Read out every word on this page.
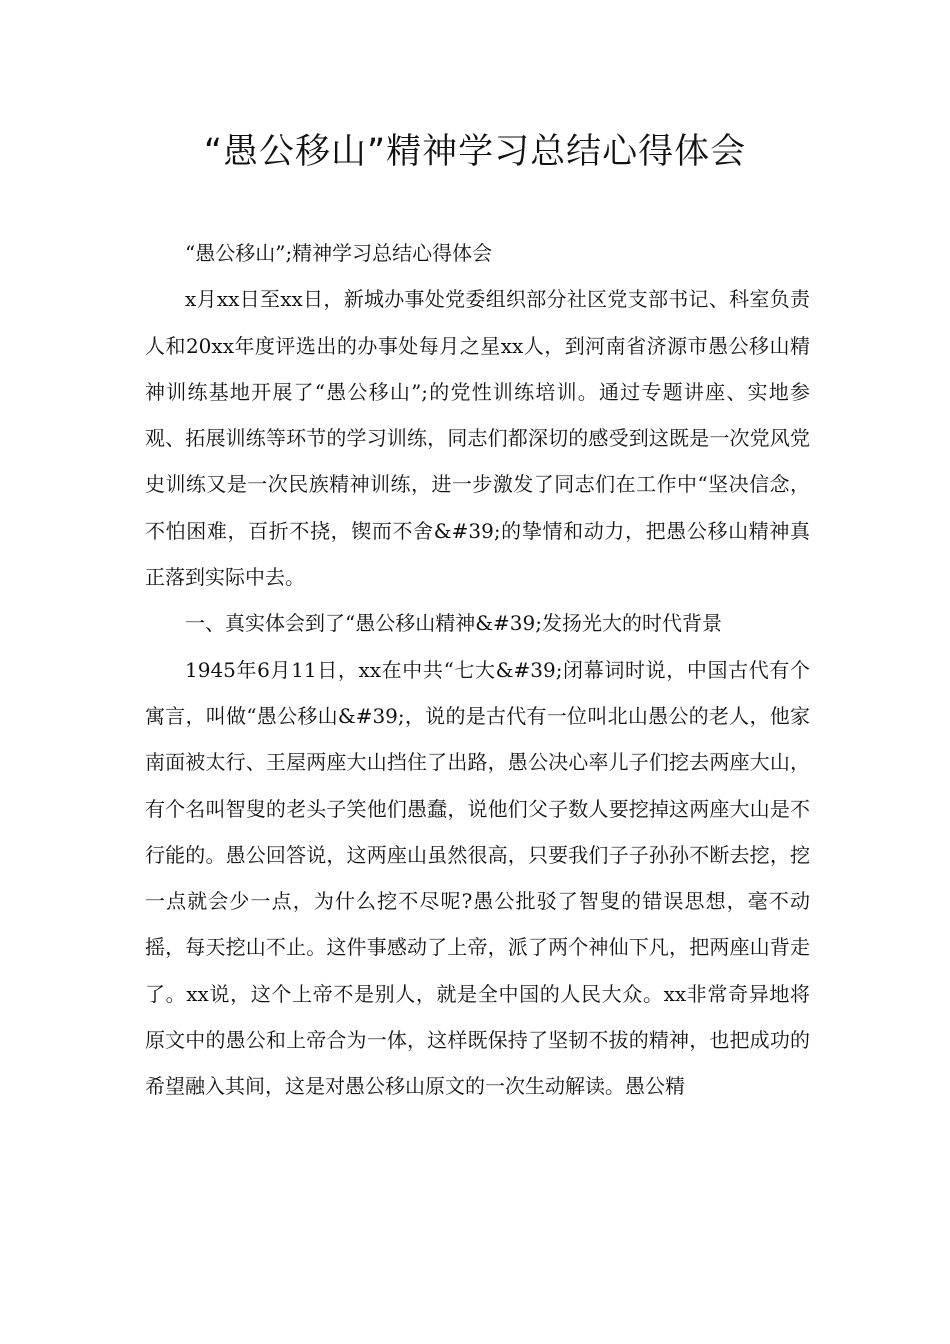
“愚公移山”精神学习总结心得体会

“愚公移山”;精神学习总结心得体会

x月xx日至xx日，新城办事处党委组织部分社区党支部书记、科室负责人和20xx年度评选出的办事处每月之星xx人，到河南省济源市愚公移山精神训练基地开展了“愚公移山”;的党性训练培训。通过专题讲座、实地参观、拓展训练等环节的学习训练，同志们都深切的感受到这既是一次党风党史训练又是一次民族精神训练，进一步激发了同志们在工作中“坚决信念，不怕困难，百折不挠，锲而不舍&#39;的挚情和动力，把愚公移山精神真正落到实际中去。

一、真实体会到了“愚公移山精神&#39;发扬光大的时代背景

1945年6月11日，xx在中共“七大&#39;闭幕词时说，中国古代有个寓言，叫做“愚公移山&#39;，说的是古代有一位叫北山愚公的老人，他家南面被太行、王屋两座大山挡住了出路，愚公决心率儿子们挖去两座大山，有个名叫智叟的老头子笑他们愚蠢，说他们父子数人要挖掉这两座大山是不行能的。愚公回答说，这两座山虽然很高，只要我们子子孙孙不断去挖，挖一点就会少一点，为什么挖不尽呢?愚公批驳了智叟的错误思想，毫不动摇，每天挖山不止。这件事感动了上帝，派了两个神仙下凡，把两座山背走了。xx说，这个上帝不是别人，就是全中国的人民大众。xx非常奇异地将原文中的愚公和上帝合为一体，这样既保持了坚韧不拔的精神，也把成功的希望融入其间，这是对愚公移山原文的一次生动解读。愚公精
